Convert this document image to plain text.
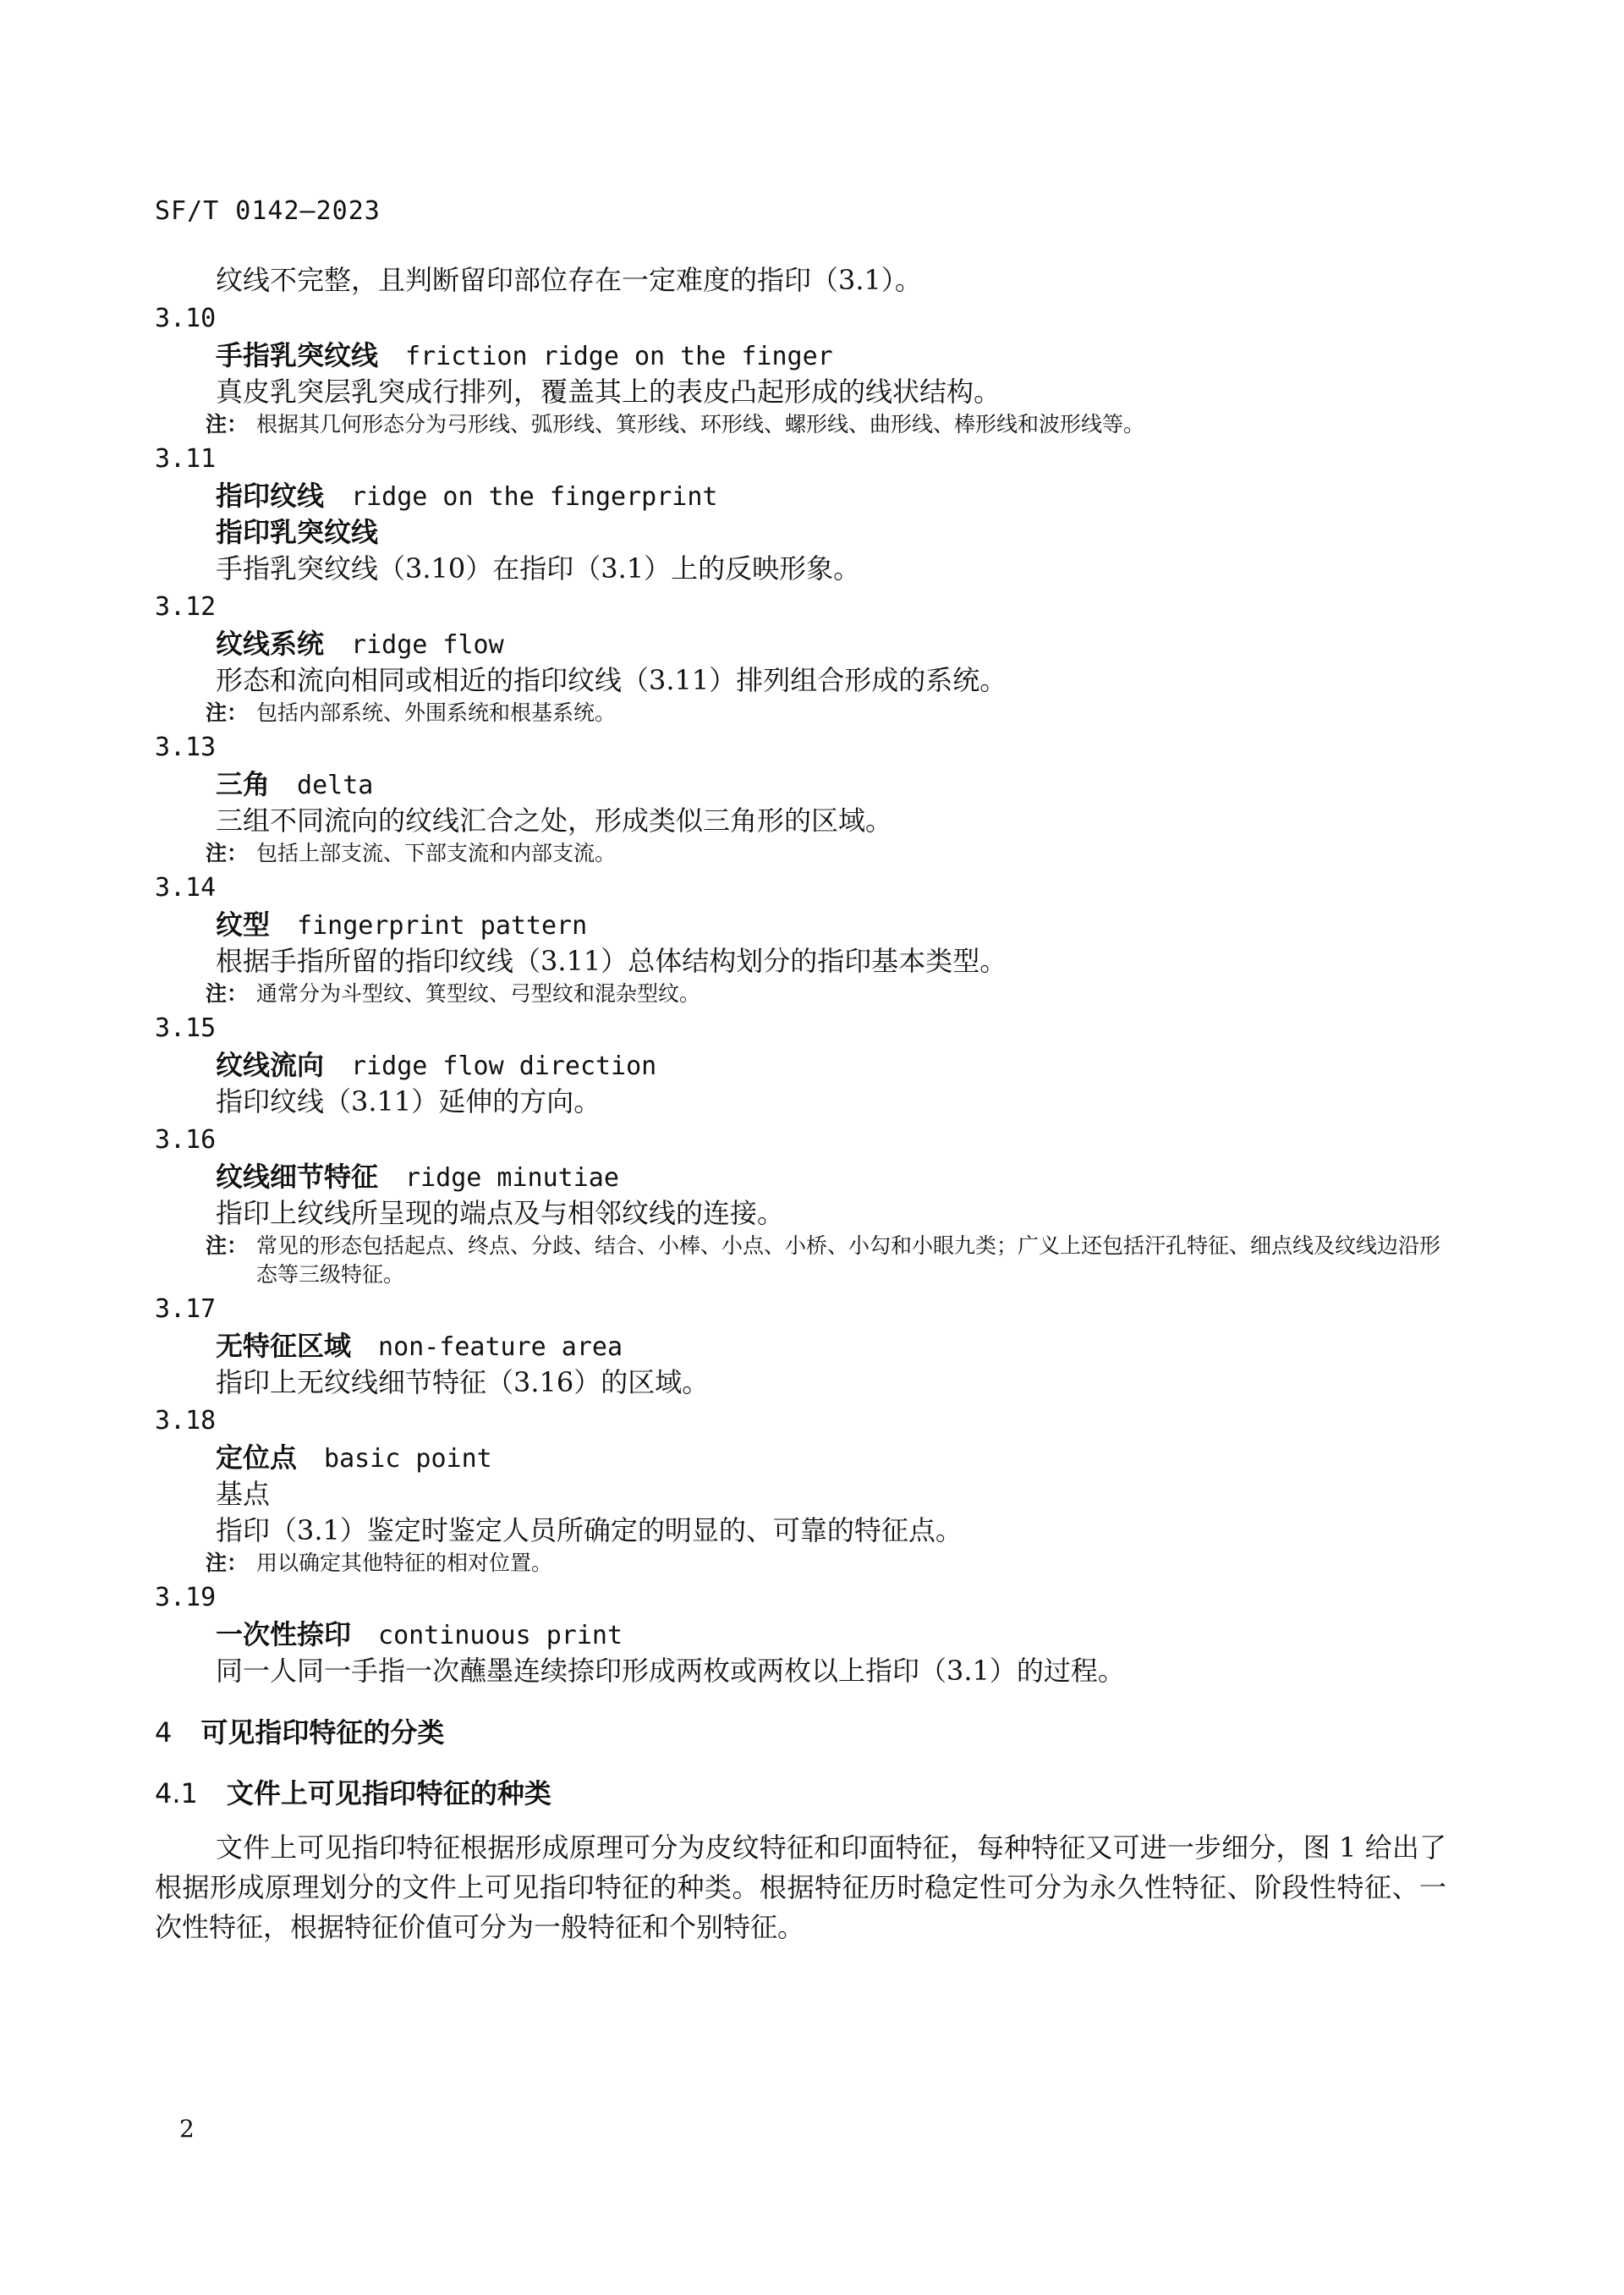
SF/T 0142—2023
纹线不完整，且判断留印部位存在一定难度的指印（3.1）。
3.10
手指乳突纹线 friction ridge on the finger
真皮乳突层乳突成行排列，覆盖其上的表皮凸起形成的线状结构。
注： 根据其几何形态分为弓形线、弧形线、箕形线、环形线、螺形线、曲形线、棒形线和波形线等。
3.11
指印纹线 ridge on the fingerprint
指印乳突纹线
手指乳突纹线（3.10）在指印（3.1）上的反映形象。
3.12
纹线系统 ridge flow
形态和流向相同或相近的指印纹线（3.11）排列组合形成的系统。
注： 包括内部系统、外围系统和根基系统。
3.13
三角 delta
三组不同流向的纹线汇合之处，形成类似三角形的区域。
注： 包括上部支流、下部支流和内部支流。
3.14
纹型 fingerprint pattern
根据手指所留的指印纹线（3.11）总体结构划分的指印基本类型。
注： 通常分为斗型纹、箕型纹、弓型纹和混杂型纹。
3.15
纹线流向 ridge flow direction
指印纹线（3.11）延伸的方向。
3.16
纹线细节特征 ridge minutiae
指印上纹线所呈现的端点及与相邻纹线的连接。
注： 常见的形态包括起点、终点、分歧、结合、小棒、小点、小桥、小勾和小眼九类；广义上还包括汗孔特征、细点线及纹线边沿形态等三级特征。
3.17
无特征区域 non-feature area
指印上无纹线细节特征（3.16）的区域。
3.18
定位点 basic point
基点
指印（3.1）鉴定时鉴定人员所确定的明显的、可靠的特征点。
注： 用以确定其他特征的相对位置。
3.19
一次性捺印 continuous print
同一人同一手指一次蘸墨连续捺印形成两枚或两枚以上指印（3.1）的过程。
4 可见指印特征的分类
4.1 文件上可见指印特征的种类
文件上可见指印特征根据形成原理可分为皮纹特征和印面特征，每种特征又可进一步细分，图 1 给出了根据形成原理划分的文件上可见指印特征的种类。根据特征历时稳定性可分为永久性特征、阶段性特征、一次性特征，根据特征价值可分为一般特征和个别特征。
2
